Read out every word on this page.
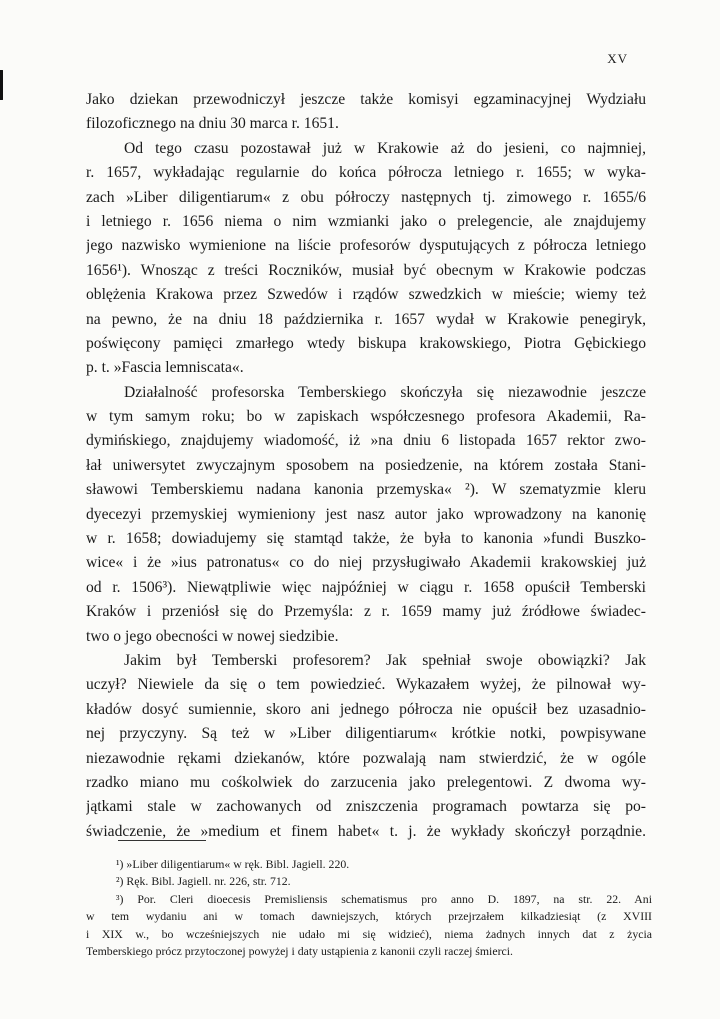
XV
Jako dziekan przewodniczył jeszcze także komisyi egzaminacyjnej Wydziału
filozoficznego na dniu 30 marca r. 1651.
Od tego czasu pozostawał już w Krakowie aż do jesieni, co najmniej,
r. 1657, wykładając regularnie do końca półrocza letniego r. 1655; w wyka-
zach »Liber diligentiarum« z obu półroczy następnych tj. zimowego r. 1655/6
i letniego r. 1656 niema o nim wzmianki jako o prelegencie, ale znajdujemy
jego nazwisko wymienione na liście profesorów dysputujących z półrocza letniego
1656¹). Wnosząc z treści Roczników, musiał być obecnym w Krakowie podczas
oblężenia Krakowa przez Szwedów i rządów szwedzkich w mieście; wiemy też
na pewno, że na dniu 18 października r. 1657 wydał w Krakowie penegiryk,
poświęcony pamięci zmarłego wtedy biskupa krakowskiego, Piotra Gębickiego
p. t. »Fascia lemniscata«.
Działalność profesorska Temberskiego skończyła się niezawodnie jeszcze
w tym samym roku; bo w zapiskach współczesnego profesora Akademii, Ra-
dymińskiego, znajdujemy wiadomość, iż »na dniu 6 listopada 1657 rektor zwo-
łał uniwersytet zwyczajnym sposobem na posiedzenie, na którem została Stani-
sławowi Temberskiemu nadana kanonia przemyska« ²). W szematyzmie kleru
dyecezyi przemyskiej wymieniony jest nasz autor jako wprowadzony na kanonię
w r. 1658; dowiadujemy się stamtąd także, że była to kanonia »fundi Buszko-
wice« i że »ius patronatus« co do niej przysługiwało Akademii krakowskiej już
od r. 1506³). Niewątpliwie więc najpóźniej w ciągu r. 1658 opuścił Temberski
Kraków i przeniósł się do Przemyśla: z r. 1659 mamy już źródłowe świadec-
two o jego obecności w nowej siedzibie.
Jakim był Temberski profesorem? Jak spełniał swoje obowiązki? Jak
uczył? Niewiele da się o tem powiedzieć. Wykazałem wyżej, że pilnował wy-
kładów dosyć sumiennie, skoro ani jednego półrocza nie opuścił bez uzasadnio-
nej przyczyny. Są też w »Liber diligentiarum« krótkie notki, powpisywane
niezawodnie rękami dziekanów, które pozwalają nam stwierdzić, że w ogóle
rzadko miano mu cośkolwiek do zarzucenia jako prelegentowi. Z dwoma wy-
jątkami stale w zachowanych od zniszczenia programach powtarza się po-
świadczenie, że »medium et finem habet« t. j. że wykłady skończył porządnie.
¹) »Liber diligentiarum« w ręk. Bibl. Jagiell. 220.
²) Ręk. Bibl. Jagiell. nr. 226, str. 712.
³) Por. Cleri dioecesis Premisliensis schematismus pro anno D. 1897, na str. 22. Ani
w tem wydaniu ani w tomach dawniejszych, których przejrzałem kilkadziesiąt (z XVIII
i XIX w., bo wcześniejszych nie udało mi się widzieć), niema żadnych innych dat z życia
Temberskiego prócz przytoczonej powyżej i daty ustąpienia z kanonii czyli raczej śmierci.
